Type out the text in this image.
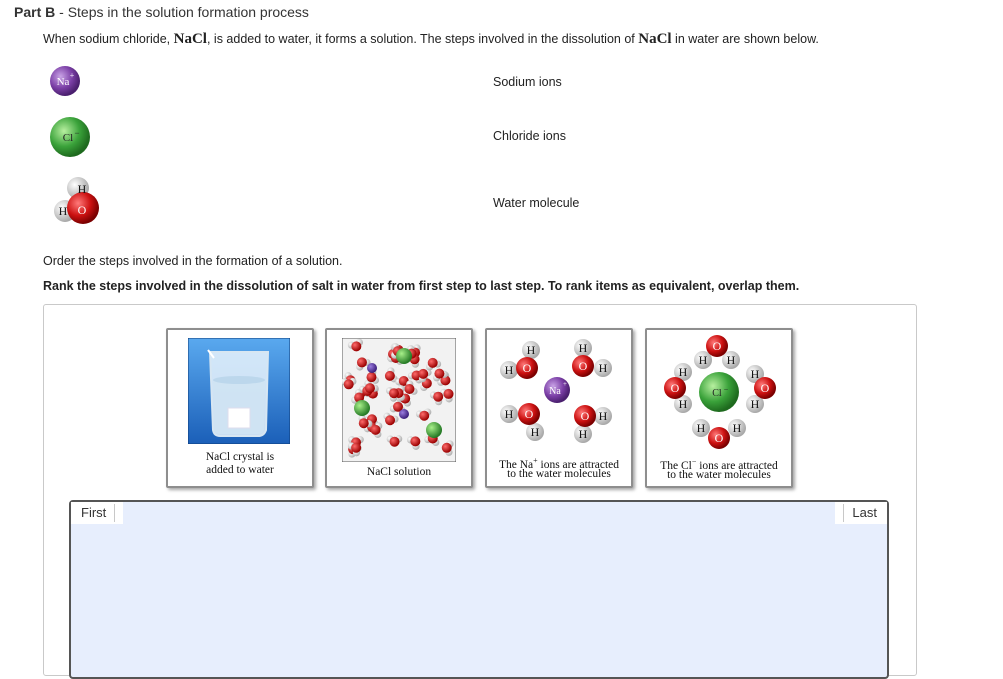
Part B - Steps in the solution formation process
When sodium chloride, NaCl, is added to water, it forms a solution. The steps involved in the dissolution of NaCl in water are shown below.
Na
+	Sodium ions
Cl −	Chloride ions
H
H O	Water molecule
Order the steps involved in the formation of a solution.
Rank the steps involved in the dissolution of salt in water from first step to last step. To rank items as equivalent, overlap them.
NaCl crystal is
added to water	NaCl solution
H
H O
H
H
O
H
H
O	H
H
O
Na
+
The Na+ ions are attracted
to the water molecules
H H
O
H
H
O
H
H
O
H H
O
Cl −
The Cl− ions are attracted
to the water molecules
First	Last
